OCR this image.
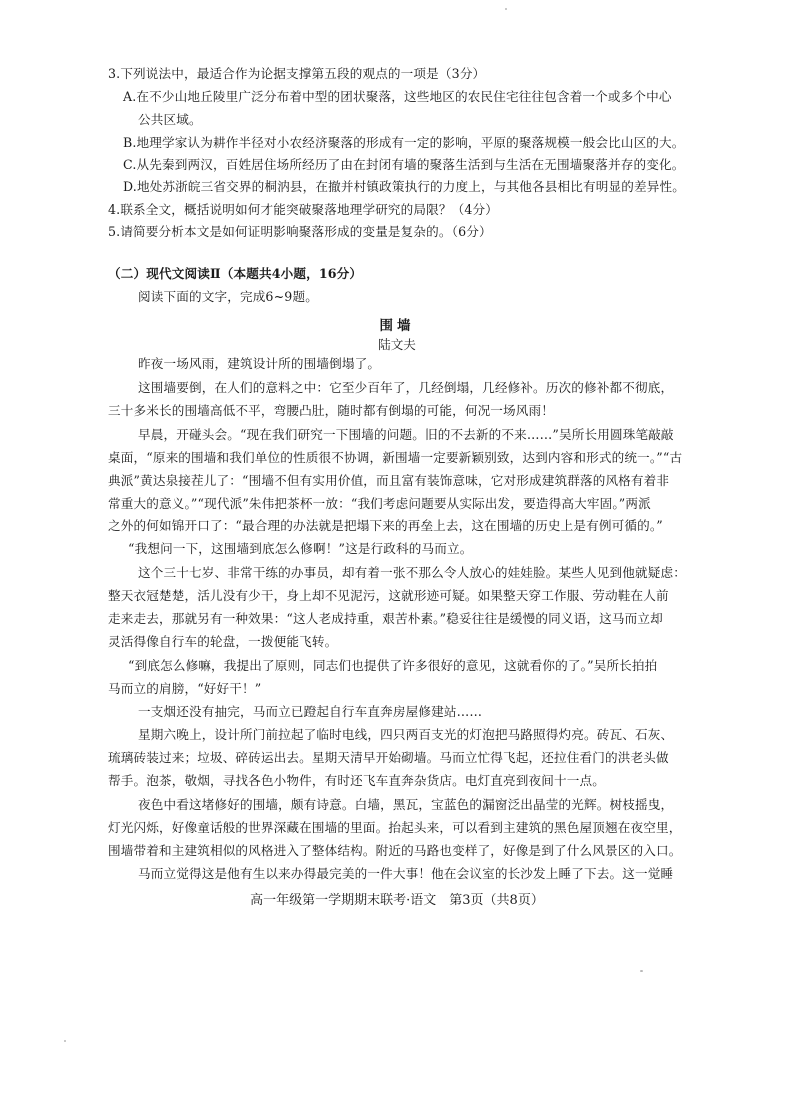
3.下列说法中，最适合作为论据支撑第五段的观点的一项是（3分）
A.在不少山地丘陵里广泛分布着中型的团状聚落，这些地区的农民住宅往往包含着一个或多个中心
公共区域。
B.地理学家认为耕作半径对小农经济聚落的形成有一定的影响，平原的聚落规模一般会比山区的大。
C.从先秦到两汉，百姓居住场所经历了由在封闭有墙的聚落生活到与生活在无围墙聚落并存的变化。
D.地处苏浙皖三省交界的桐汭县，在撤并村镇政策执行的力度上，与其他各县相比有明显的差异性。
4.联系全文，概括说明如何才能突破聚落地理学研究的局限？（4分）
5.请简要分析本文是如何证明影响聚落形成的变量是复杂的。（6分）
（二）现代文阅读Ⅱ（本题共4小题，16分）
阅读下面的文字，完成6~9题。
围墙
陆文夫
昨夜一场风雨，建筑设计所的围墙倒塌了。
这围墙要倒，在人们的意料之中：它至少百年了，几经倒塌，几经修补。历次的修补都不彻底，
三十多米长的围墙高低不平，弯腰凸肚，随时都有倒塌的可能，何况一场风雨！
早晨，开碰头会。“现在我们研究一下围墙的问题。旧的不去新的不来……”吴所长用圆珠笔敲敲
桌面，“原来的围墙和我们单位的性质很不协调，新围墙一定要新颖别致，达到内容和形式的统一。”“古
典派”黄达泉接茬儿了：“围墙不但有实用价值，而且富有装饰意味，它对形成建筑群落的风格有着非
常重大的意义。”“现代派”朱伟把茶杯一放：“我们考虑问题要从实际出发，要造得高大牢固。”两派
之外的何如锦开口了：“最合理的办法就是把塌下来的再垒上去，这在围墙的历史上是有例可循的。”
“我想问一下，这围墙到底怎么修啊！”这是行政科的马而立。
这个三十七岁、非常干练的办事员，却有着一张不那么令人放心的娃娃脸。某些人见到他就疑虑：
整天衣冠楚楚，活儿没有少干，身上却不见泥污，这就形迹可疑。如果整天穿工作服、劳动鞋在人前
走来走去，那就另有一种效果：“这人老成持重，艰苦朴素。”稳妥往往是缓慢的同义语，这马而立却
灵活得像自行车的轮盘，一拨便能飞转。
“到底怎么修嘛，我提出了原则，同志们也提供了许多很好的意见，这就看你的了。”吴所长拍拍
马而立的肩膀，“好好干！”
一支烟还没有抽完，马而立已蹬起自行车直奔房屋修建站……
星期六晚上，设计所门前拉起了临时电线，四只两百支光的灯泡把马路照得灼亮。砖瓦、石灰、
琉璃砖装过来；垃圾、碎砖运出去。星期天清早开始砌墙。马而立忙得飞起，还拉住看门的洪老头做
帮手。泡茶，敬烟，寻找各色小物件，有时还飞车直奔杂货店。电灯直亮到夜间十一点。
夜色中看这堵修好的围墙，颇有诗意。白墙，黑瓦，宝蓝色的漏窗泛出晶莹的光辉。树枝摇曳，
灯光闪烁，好像童话般的世界深藏在围墙的里面。抬起头来，可以看到主建筑的黑色屋顶翘在夜空里，
围墙带着和主建筑相似的风格进入了整体结构。附近的马路也变样了，好像是到了什么风景区的入口。
马而立觉得这是他有生以来办得最完美的一件大事！他在会议室的长沙发上睡了下去。这一觉睡
高一年级第一学期期末联考·语文　第3页（共8页）
